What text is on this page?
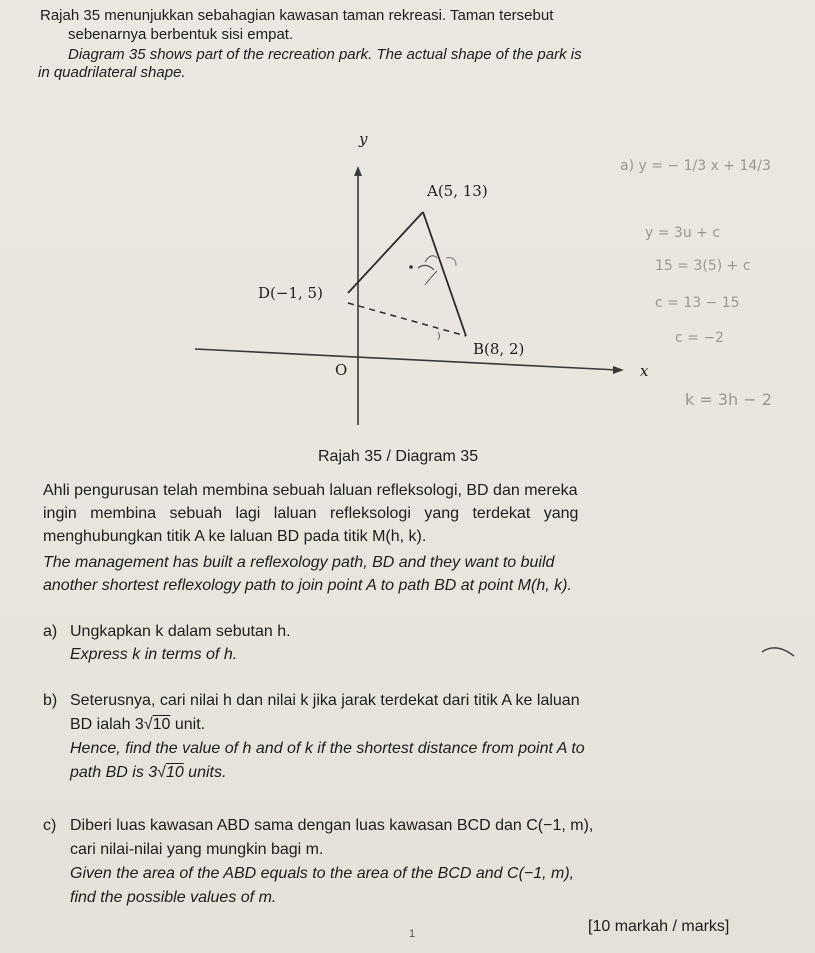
Rajah 35 menunjukkan sebahagian kawasan taman rekreasi. Taman tersebut
sebenarnya berbentuk sisi empat.
Diagram 35 shows part of the recreation park. The actual shape of the park is
in quadrilateral shape.
y
x
O
A(5, 13)
B(8, 2)
D(−1, 5)
Rajah 35 / Diagram 35
a) y = − 1/3 x + 14/3
y = 3u + c
15 = 3(5) + c
c = 13 − 15
c = −2
k = 3h − 2
Ahli pengurusan telah membina sebuah laluan refleksologi, BD dan mereka
ingin membina sebuah lagi laluan refleksologi yang terdekat yang
menghubungkan titik A ke laluan BD pada titik M(h, k).
The management has built a reflexology path, BD and they want to build
another shortest reflexology path to join point A to path BD at point M(h, k).
a) Ungkapkan k dalam sebutan h.
Express k in terms of h.
b) Seterusnya, cari nilai h dan nilai k jika jarak terdekat dari titik A ke laluan
BD ialah 3√10 unit.
Hence, find the value of h and of k if the shortest distance from point A to
path BD is 3√10 units.
c) Diberi luas kawasan ABD sama dengan luas kawasan BCD dan C(−1, m),
cari nilai-nilai yang mungkin bagi m.
Given the area of the ABD equals to the area of the BCD and C(−1, m),
find the possible values of m.
[10 markah / marks]
1
